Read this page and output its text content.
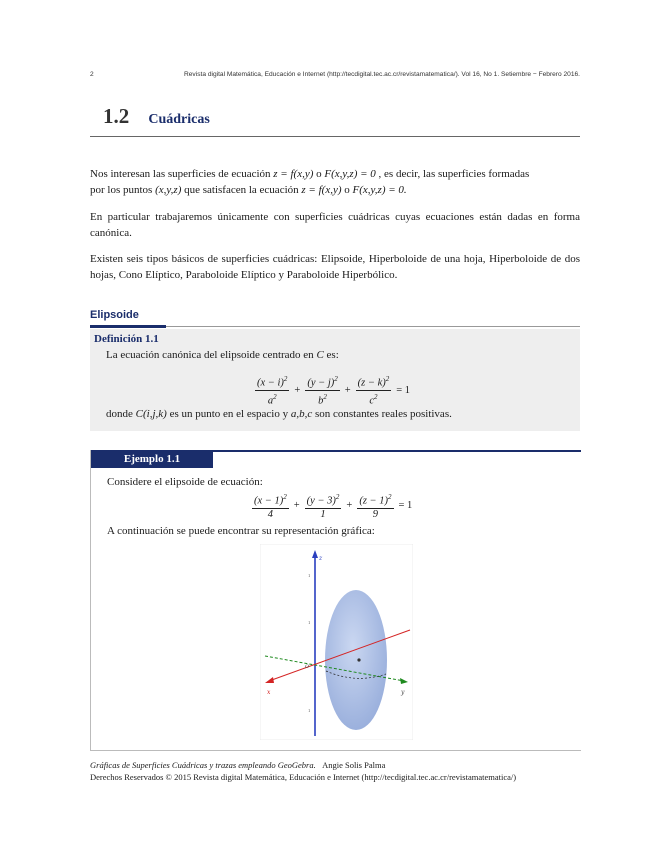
2	Revista digital Matemática, Educación e Internet (http://tecdigital.tec.ac.cr/revistamatematica/). Vol 16, No 1. Setiembre − Febrero 2016.
1.2 Cuádricas
Nos interesan las superficies de ecuación z = f(x,y) o F(x,y,z) = 0 , es decir, las superficies formadas
por los puntos (x,y,z) que satisfacen la ecuación z = f(x,y) o F(x,y,z) = 0.
En particular trabajaremos únicamente con superficies cuádricas cuyas ecuaciones están dadas en forma canónica.
Existen seis tipos básicos de superficies cuádricas: Elipsoide, Hiperboloide de una hoja, Hiperboloide de dos hojas, Cono Elíptico, Paraboloide Elíptico y Paraboloide Hiperbólico.
Elipsoide
Definición 1.1
La ecuación canónica del elipsoide centrado en C es:
$\frac{(x - i)^2}{a^2} + \frac{(y - j)^2}{b^2} + \frac{(z - k)^2}{c^2} = 1$
donde C(i,j,k) es un punto en el espacio y a,b,c son constantes reales positivas.
Ejemplo 1.1
Considere el elipsoide de ecuación:
$\frac{(x - 1)^2}{4} + \frac{(y - 3)^2}{1} + \frac{(z - 1)^2}{9} = 1$
A continuación se puede encontrar su representación gráfica:
z
y
x
O
1
1
1
Gráficas de Superficies Cuádricas y trazas empleando GeoGebra. Angie Solis Palma
Derechos Reservados © 2015 Revista digital Matemática, Educación e Internet (http://tecdigital.tec.ac.cr/revistamatematica/)
